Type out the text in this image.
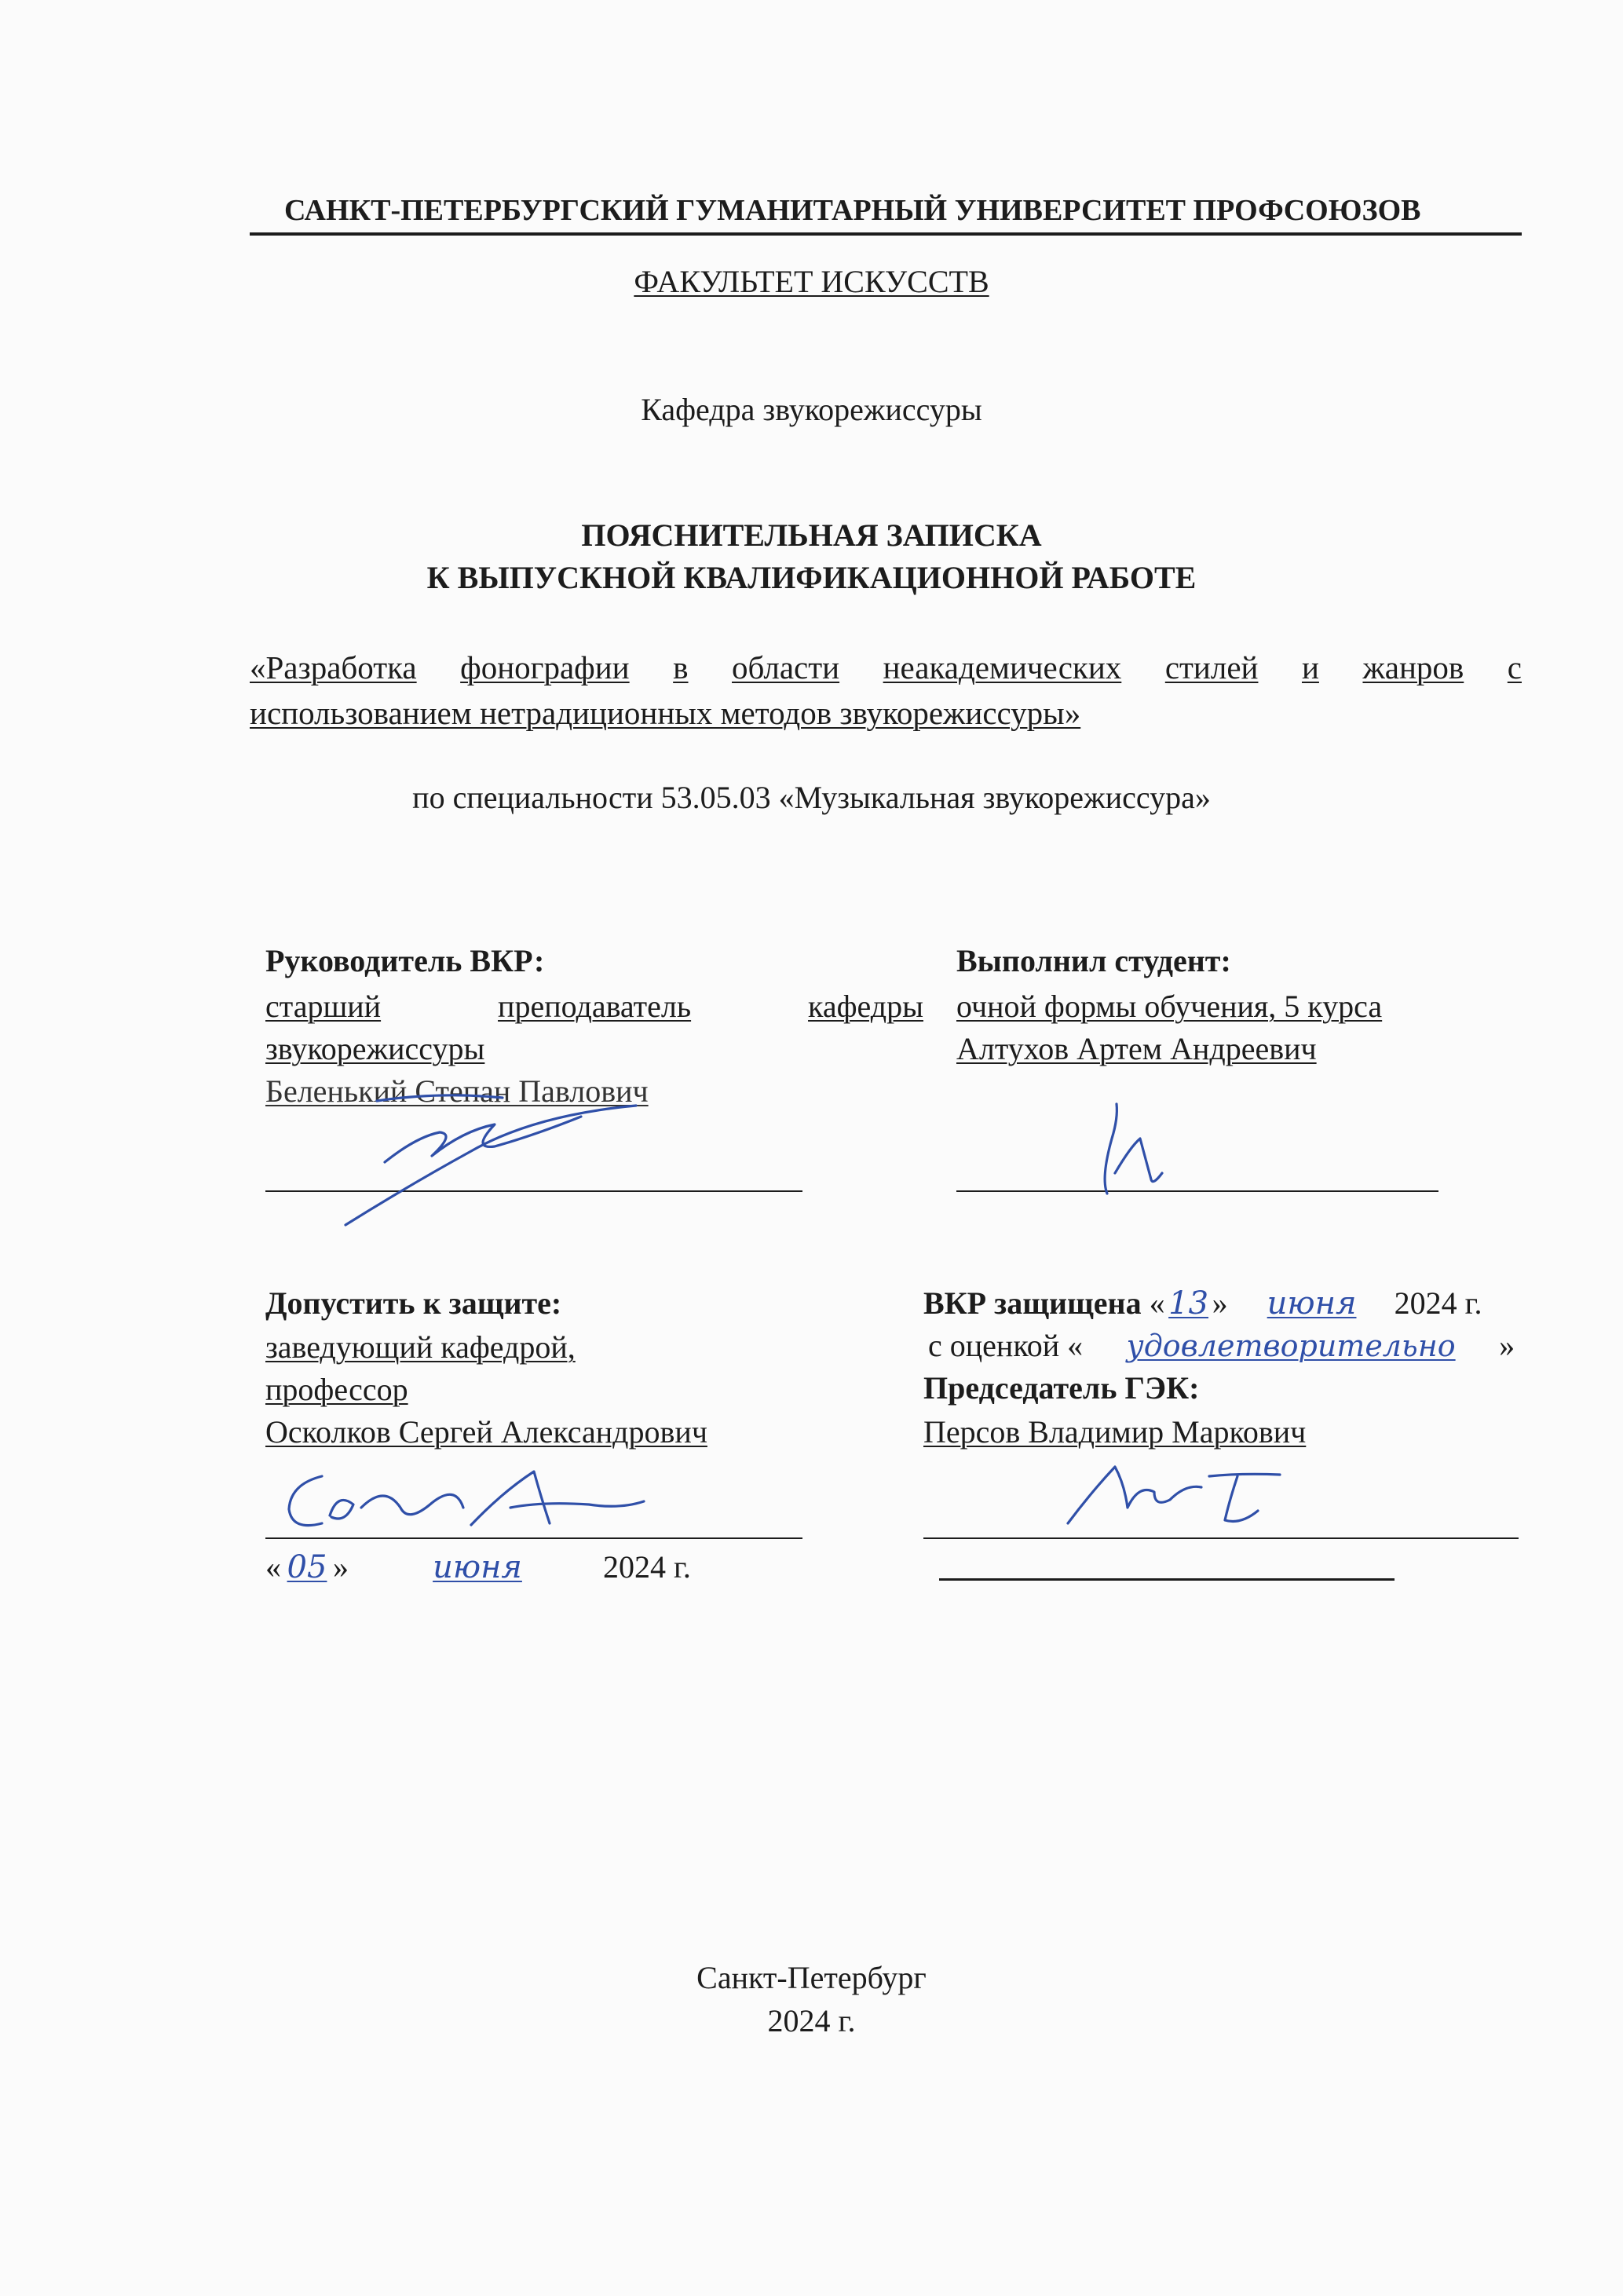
САНКТ-ПЕТЕРБУРГСКИЙ ГУМАНИТАРНЫЙ УНИВЕРСИТЕТ ПРОФСОЮЗОВ
ФАКУЛЬТЕТ ИСКУССТВ
Кафедра звукорежиссуры
ПОЯСНИТЕЛЬНАЯ ЗАПИСКА
К ВЫПУСКНОЙ КВАЛИФИКАЦИОННОЙ РАБОТЕ
«Разработка фонографии в области неакадемических стилей и жанров с
использованием нетрадиционных методов звукорежиссуры»
по специальности 53.05.03 «Музыкальная звукорежиссура»
Руководитель ВКР:
старший	преподаватель	кафедры
звукорежиссуры
Беленький Степан Павлович
Выполнил студент:
очной формы обучения, 5 курса
Алтухов Артем Андреевич
Допустить к защите:
заведующий кафедрой,
профессор
Осколков Сергей Александрович
« 05 »	июня	2024 г.
ВКР защищена « 13 » июня 2024 г.
с оценкой « удовлетворительно »
Председатель ГЭК:
Персов Владимир Маркович
Санкт-Петербург
2024 г.
